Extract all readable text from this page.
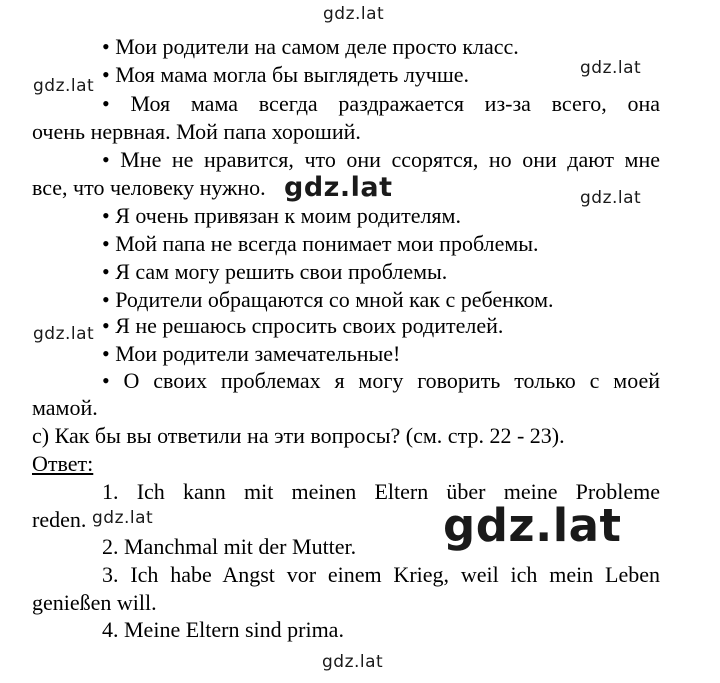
gdz.lat
gdz.lat
gdz.lat
gdz.lat
gdz.lat
gdz.lat
gdz.lat
• Мои родители на самом деле просто класс.
• Моя мама могла бы выглядеть лучше.
• Моя мама всегда раздражается из-за всего, она
очень нервная. Мой папа хороший.
• Мне не нравится, что они ссорятся, но они дают мне
все, что человеку нужно. gdz.lat
• Я очень привязан к моим родителям.
• Мой папа не всегда понимает мои проблемы.
• Я сам могу решить свои проблемы.
• Родители обращаются со мной как с ребенком.
• Я не решаюсь спросить своих родителей.
• Мои родители замечательные!
• О своих проблемах я могу говорить только с моей
мамой.
с) Как бы вы ответили на эти вопросы? (см. стр. 22 - 23).
Ответ:
1. Ich kann mit meinen Eltern über meine Probleme
reden.	gdz.lat
2. Manchmal mit der Mutter.
3. Ich habe Angst vor einem Krieg, weil ich mein Leben
genießen will.
4. Meine Eltern sind prima.
